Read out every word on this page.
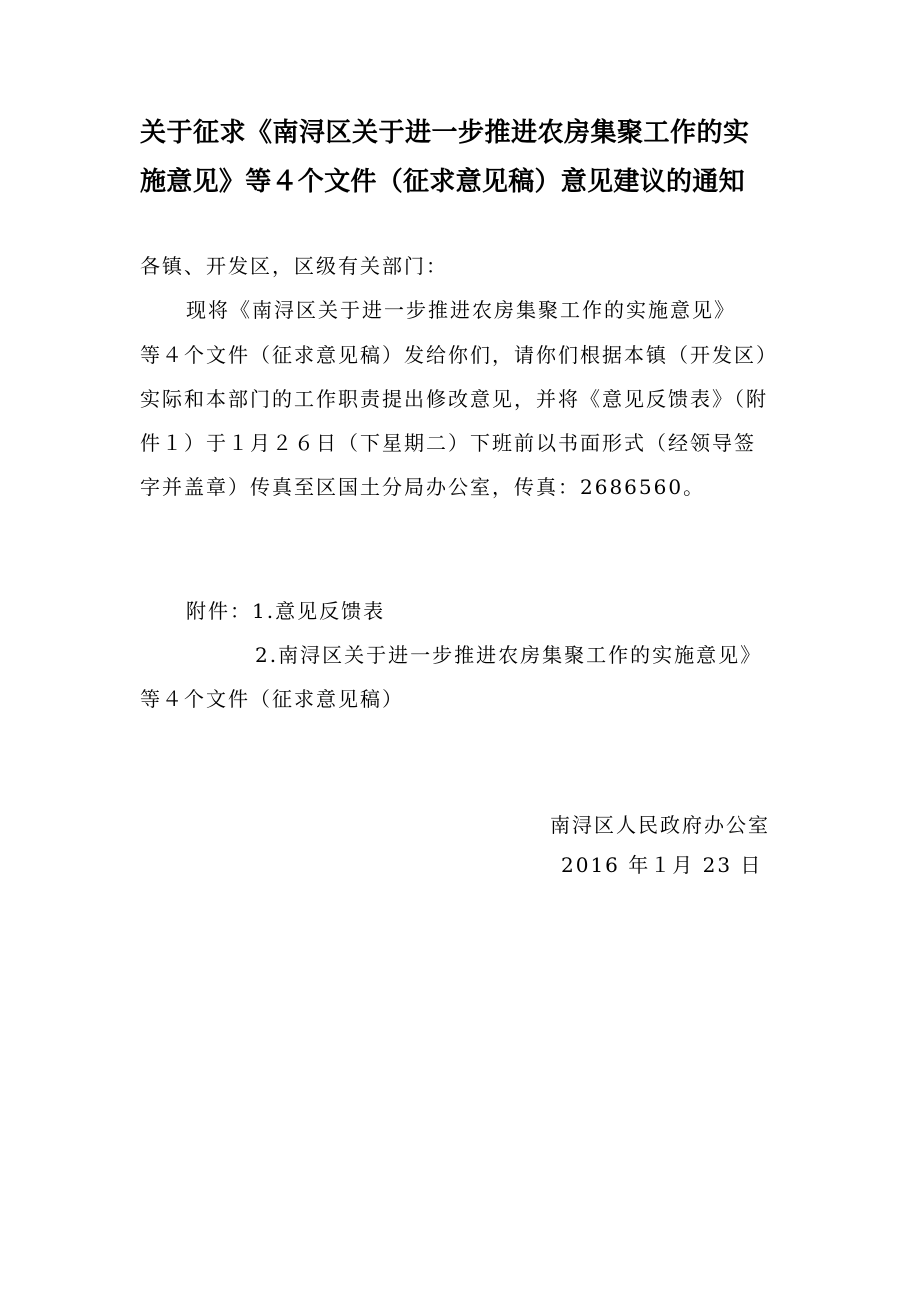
关于征求《南浔区关于进一步推进农房集聚工作的实
施意见》等４个文件（征求意见稿）意见建议的通知
各镇、开发区，区级有关部门：
现将《南浔区关于进一步推进农房集聚工作的实施意见》
等４个文件（征求意见稿）发给你们，请你们根据本镇（开发区）
实际和本部门的工作职责提出修改意见，并将《意见反馈表》（附
件１）于１月２６日（下星期二）下班前以书面形式（经领导签
字并盖章）传真至区国土分局办公室，传真：2686560。
附件：1.意见反馈表
2.南浔区关于进一步推进农房集聚工作的实施意见》
等４个文件（征求意见稿）
南浔区人民政府办公室
2016 年１月 23 日
